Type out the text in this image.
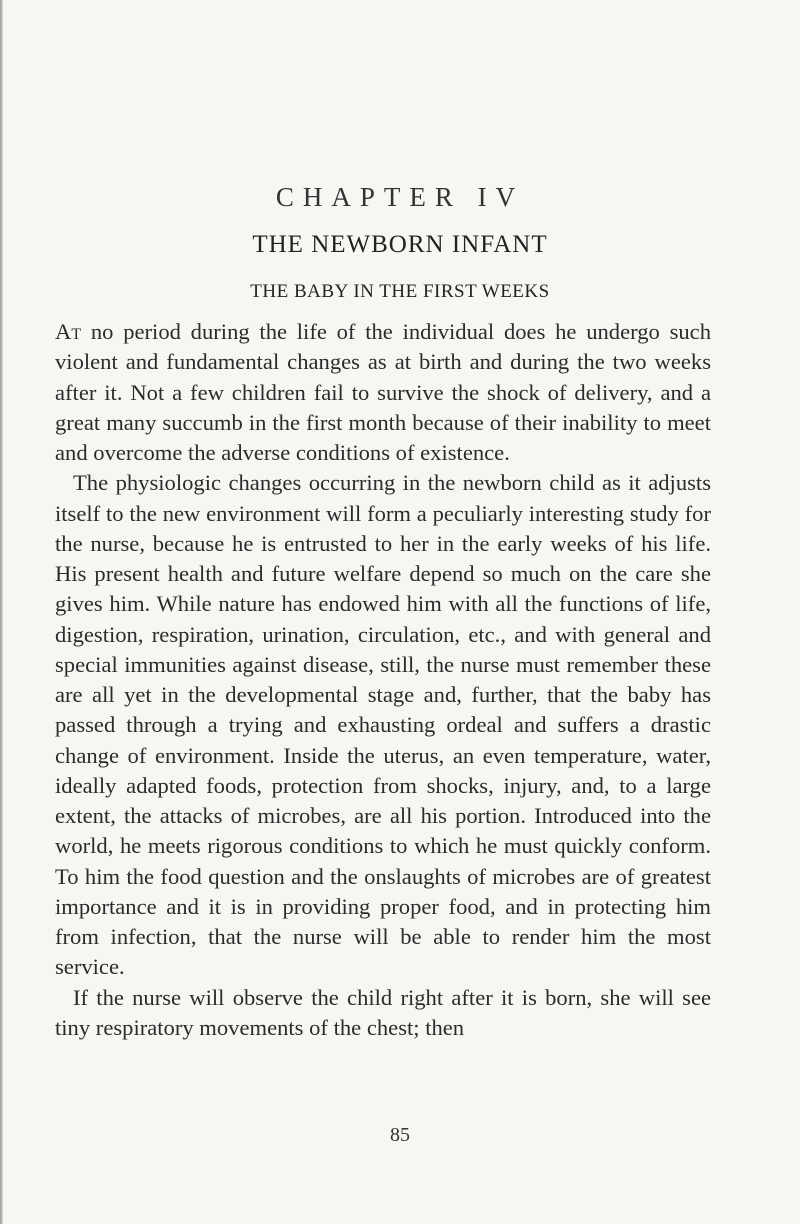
CHAPTER IV
THE NEWBORN INFANT
THE BABY IN THE FIRST WEEKS

At no period during the life of the individual does he undergo such violent and fundamental changes as at birth and during the two weeks after it. Not a few children fail to survive the shock of delivery, and a great many succumb in the first month because of their inability to meet and overcome the adverse conditions of existence.

The physiologic changes occurring in the newborn child as it adjusts itself to the new environment will form a peculiarly interesting study for the nurse, because he is entrusted to her in the early weeks of his life. His present health and future welfare depend so much on the care she gives him. While nature has endowed him with all the functions of life, digestion, respiration, urination, circulation, etc., and with general and special immunities against disease, still, the nurse must remember these are all yet in the developmental stage and, further, that the baby has passed through a trying and exhausting ordeal and suffers a drastic change of environment. Inside the uterus, an even temperature, water, ideally adapted foods, protection from shocks, injury, and, to a large extent, the attacks of microbes, are all his portion. Introduced into the world, he meets rigorous conditions to which he must quickly conform. To him the food question and the onslaughts of microbes are of greatest importance and it is in providing proper food, and in protecting him from infection, that the nurse will be able to render him the most service.

If the nurse will observe the child right after it is born, she will see tiny respiratory movements of the chest; then

85
